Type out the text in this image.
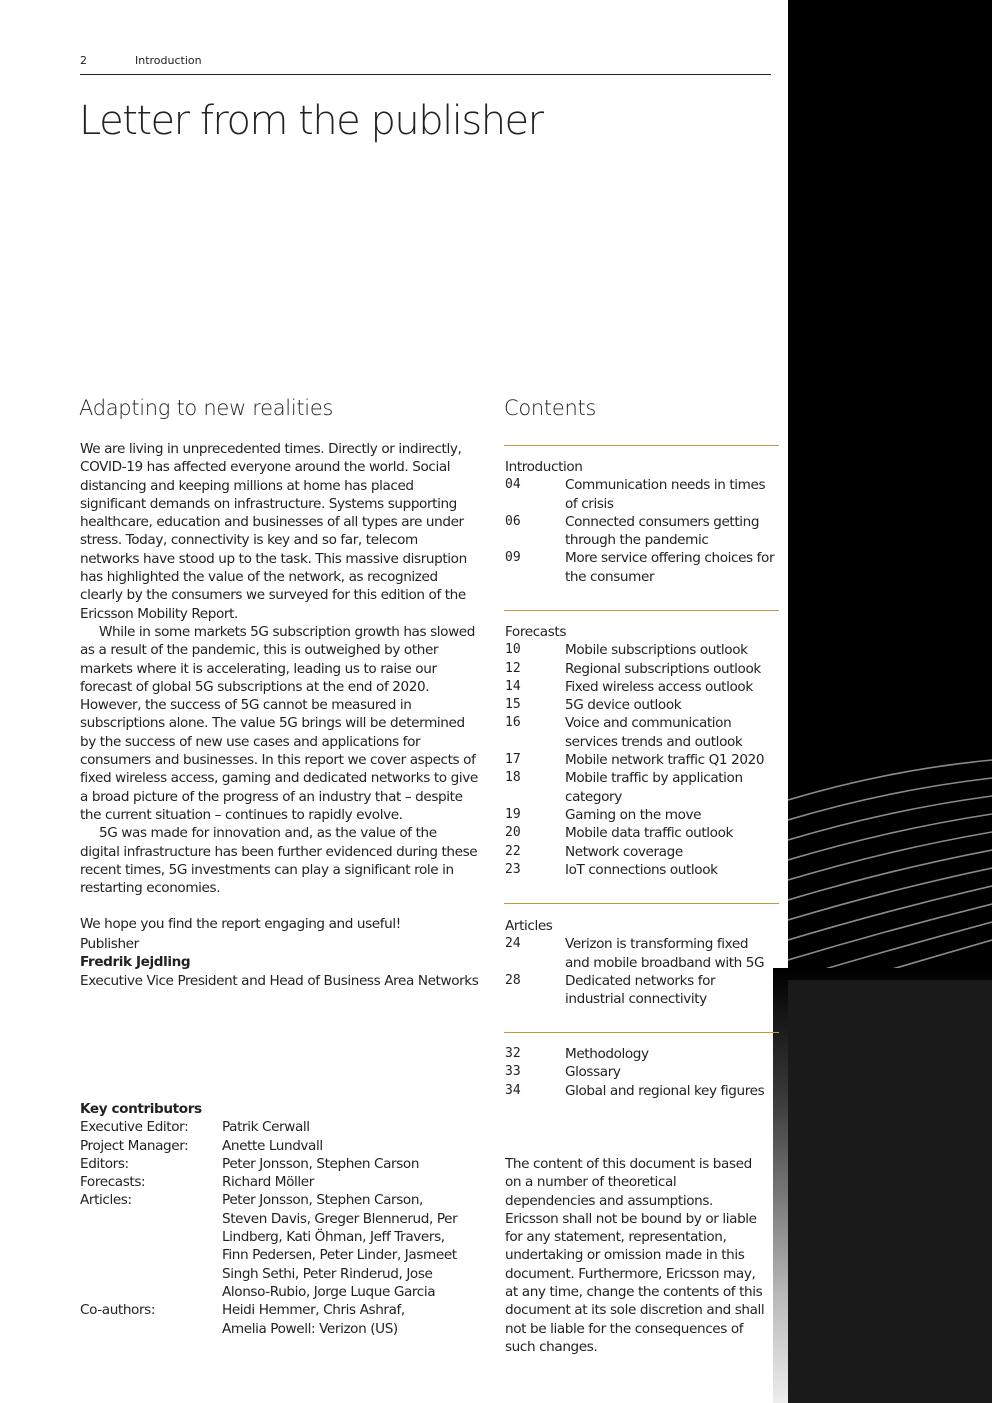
2	Introduction
Letter from the publisher
Adapting to new realities	Contents

We are living in unprecedented times. Directly or indirectly, COVID-19 has affected everyone around the world. Social distancing and keeping millions at home has placed significant demands on infrastructure. Systems supporting healthcare, education and businesses of all types are under stress. Today, connectivity is key and so far, telecom networks have stood up to the task. This massive disruption has highlighted the value of the network, as recognized clearly by the consumers we surveyed for this edition of the Ericsson Mobility Report.

While in some markets 5G subscription growth has slowed as a result of the pandemic, this is outweighed by other markets where it is accelerating, leading us to raise our forecast of global 5G subscriptions at the end of 2020. However, the success of 5G cannot be measured in subscriptions alone. The value 5G brings will be determined by the success of new use cases and applications for consumers and businesses. In this report we cover aspects of fixed wireless access, gaming and dedicated networks to give a broad picture of the progress of an industry that – despite the current situation – continues to rapidly evolve.

5G was made for innovation and, as the value of the digital infrastructure has been further evidenced during these recent times, 5G investments can play a significant role in restarting economies.

We hope you find the report engaging and useful!

Publisher

Fredrik Jejdling

Executive Vice President and Head of Business Area Networks

Key contributors

Executive Editor:	Patrik Cerwall
Project Manager:	Anette Lundvall
Editors:	Peter Jonsson, Stephen Carson
Forecasts:	Richard Möller
Articles:	Peter Jonsson, Stephen Carson, Steven Davis, Greger Blennerud, Per Lindberg, Kati Öhman, Jeff Travers, Finn Pedersen, Peter Linder, Jasmeet Singh Sethi, Peter Rinderud, Jose Alonso-Rubio, Jorge Luque Garcia
Co-authors:	Heidi Hemmer, Chris Ashraf, Amelia Powell: Verizon (US)
Introduction
04	Communication needs in times of crisis
06	Connected consumers getting through the pandemic
09	More service offering choices for the consumer
Forecasts
10	Mobile subscriptions outlook
12	Regional subscriptions outlook
14	Fixed wireless access outlook
15	5G device outlook
16	Voice and communication services trends and outlook
17	Mobile network traffic Q1 2020
18	Mobile traffic by application category
19	Gaming on the move
20	Mobile data traffic outlook
22	Network coverage
23	IoT connections outlook
Articles
24	Verizon is transforming fixed and mobile broadband with 5G
28	Dedicated networks for industrial connectivity
32	Methodology
33	Glossary
34	Global and regional key figures
The content of this document is based on a number of theoretical dependencies and assumptions. Ericsson shall not be bound by or liable for any statement, representation, undertaking or omission made in this document. Furthermore, Ericsson may, at any time, change the contents of this document at its sole discretion and shall not be liable for the consequences of such changes.
